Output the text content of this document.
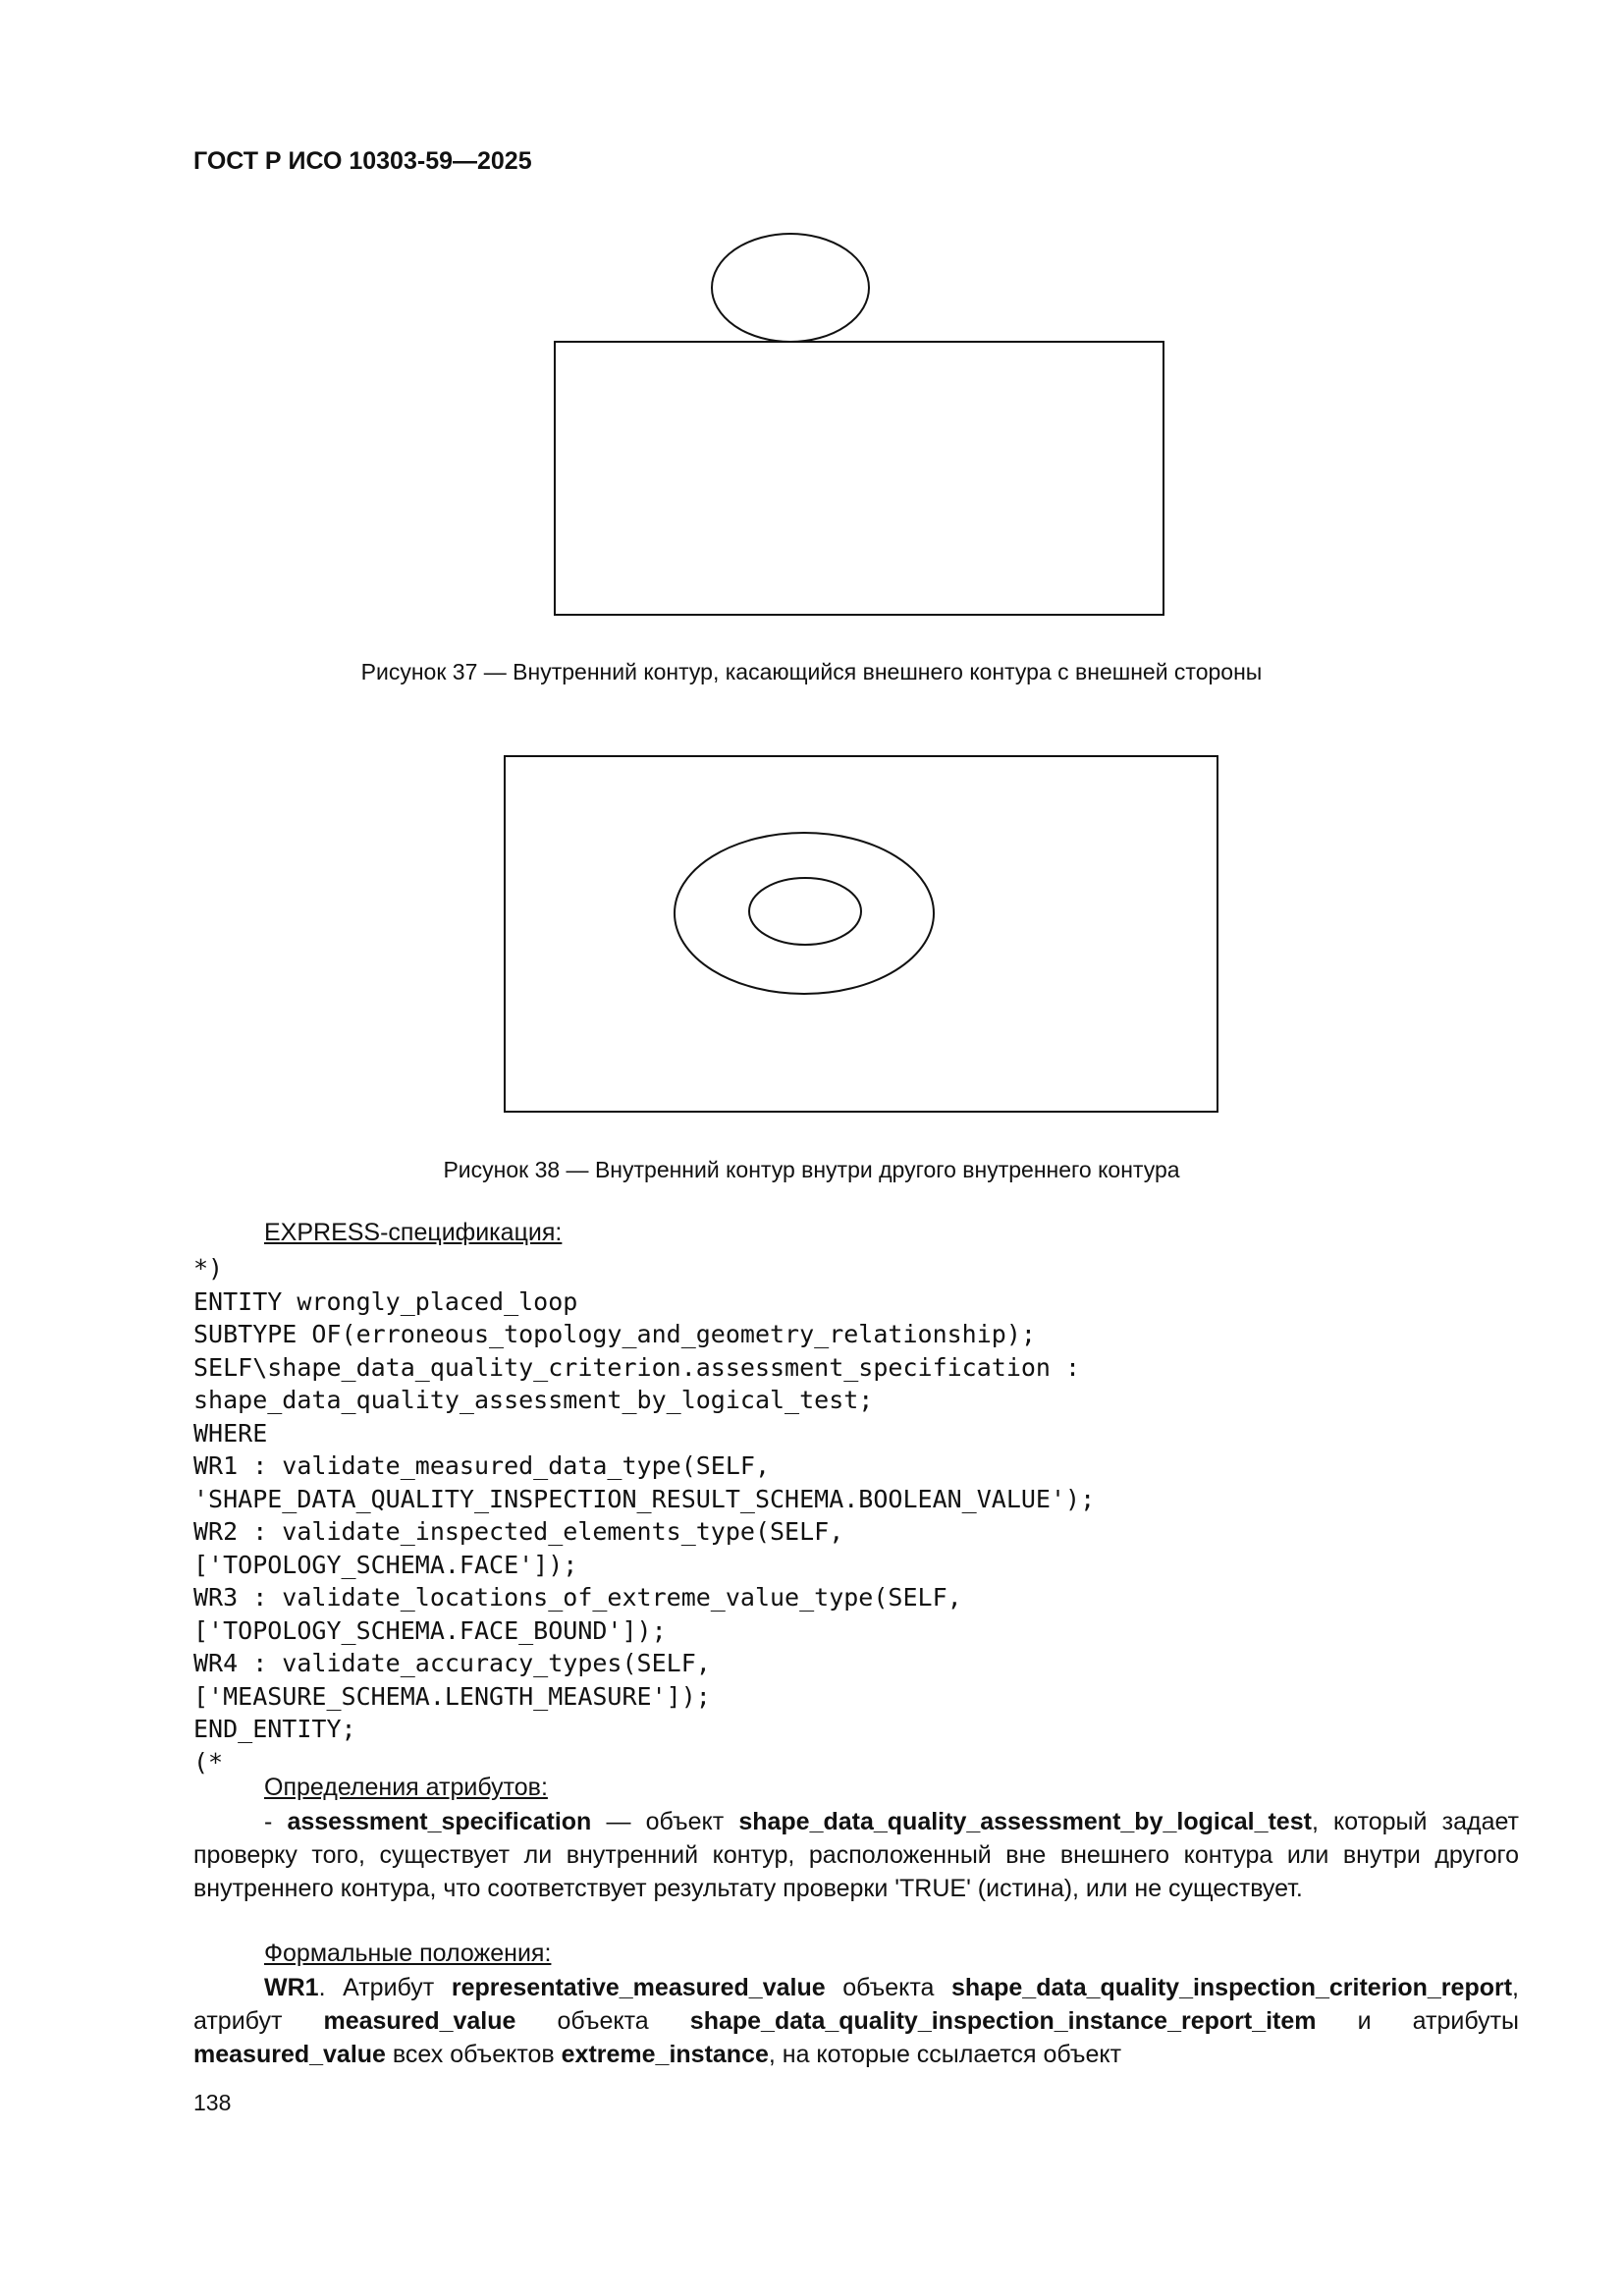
ГОСТ Р ИСО 10303-59—2025
Рисунок 37 — Внутренний контур, касающийся внешнего контура с внешней стороны
Рисунок 38 — Внутренний контур внутри другого внутреннего контура
EXPRESS-спецификация:
*)
ENTITY wrongly_placed_loop
SUBTYPE OF(erroneous_topology_and_geometry_relationship);
SELF\shape_data_quality_criterion.assessment_specification :
shape_data_quality_assessment_by_logical_test;
WHERE
WR1 : validate_measured_data_type(SELF,
'SHAPE_DATA_QUALITY_INSPECTION_RESULT_SCHEMA.BOOLEAN_VALUE');
WR2 : validate_inspected_elements_type(SELF,
['TOPOLOGY_SCHEMA.FACE']);
WR3 : validate_locations_of_extreme_value_type(SELF,
['TOPOLOGY_SCHEMA.FACE_BOUND']);
WR4 : validate_accuracy_types(SELF,
['MEASURE_SCHEMA.LENGTH_MEASURE']);
END_ENTITY;
(*
Определения атрибутов:
- assessment_specification — объект shape_data_quality_assessment_by_logical_test, который задает проверку того, существует ли внутренний контур, расположенный вне внешнего контура или внутри другого внутреннего контура, что соответствует результату проверки 'TRUE' (истина), или не существует.
Формальные положения:
WR1. Атрибут representative_measured_value объекта shape_data_quality_inspection_criterion_report, атрибут measured_value объекта shape_data_quality_inspection_instance_report_item и атрибуты measured_value всех объектов extreme_instance, на которые ссылается объект
138
